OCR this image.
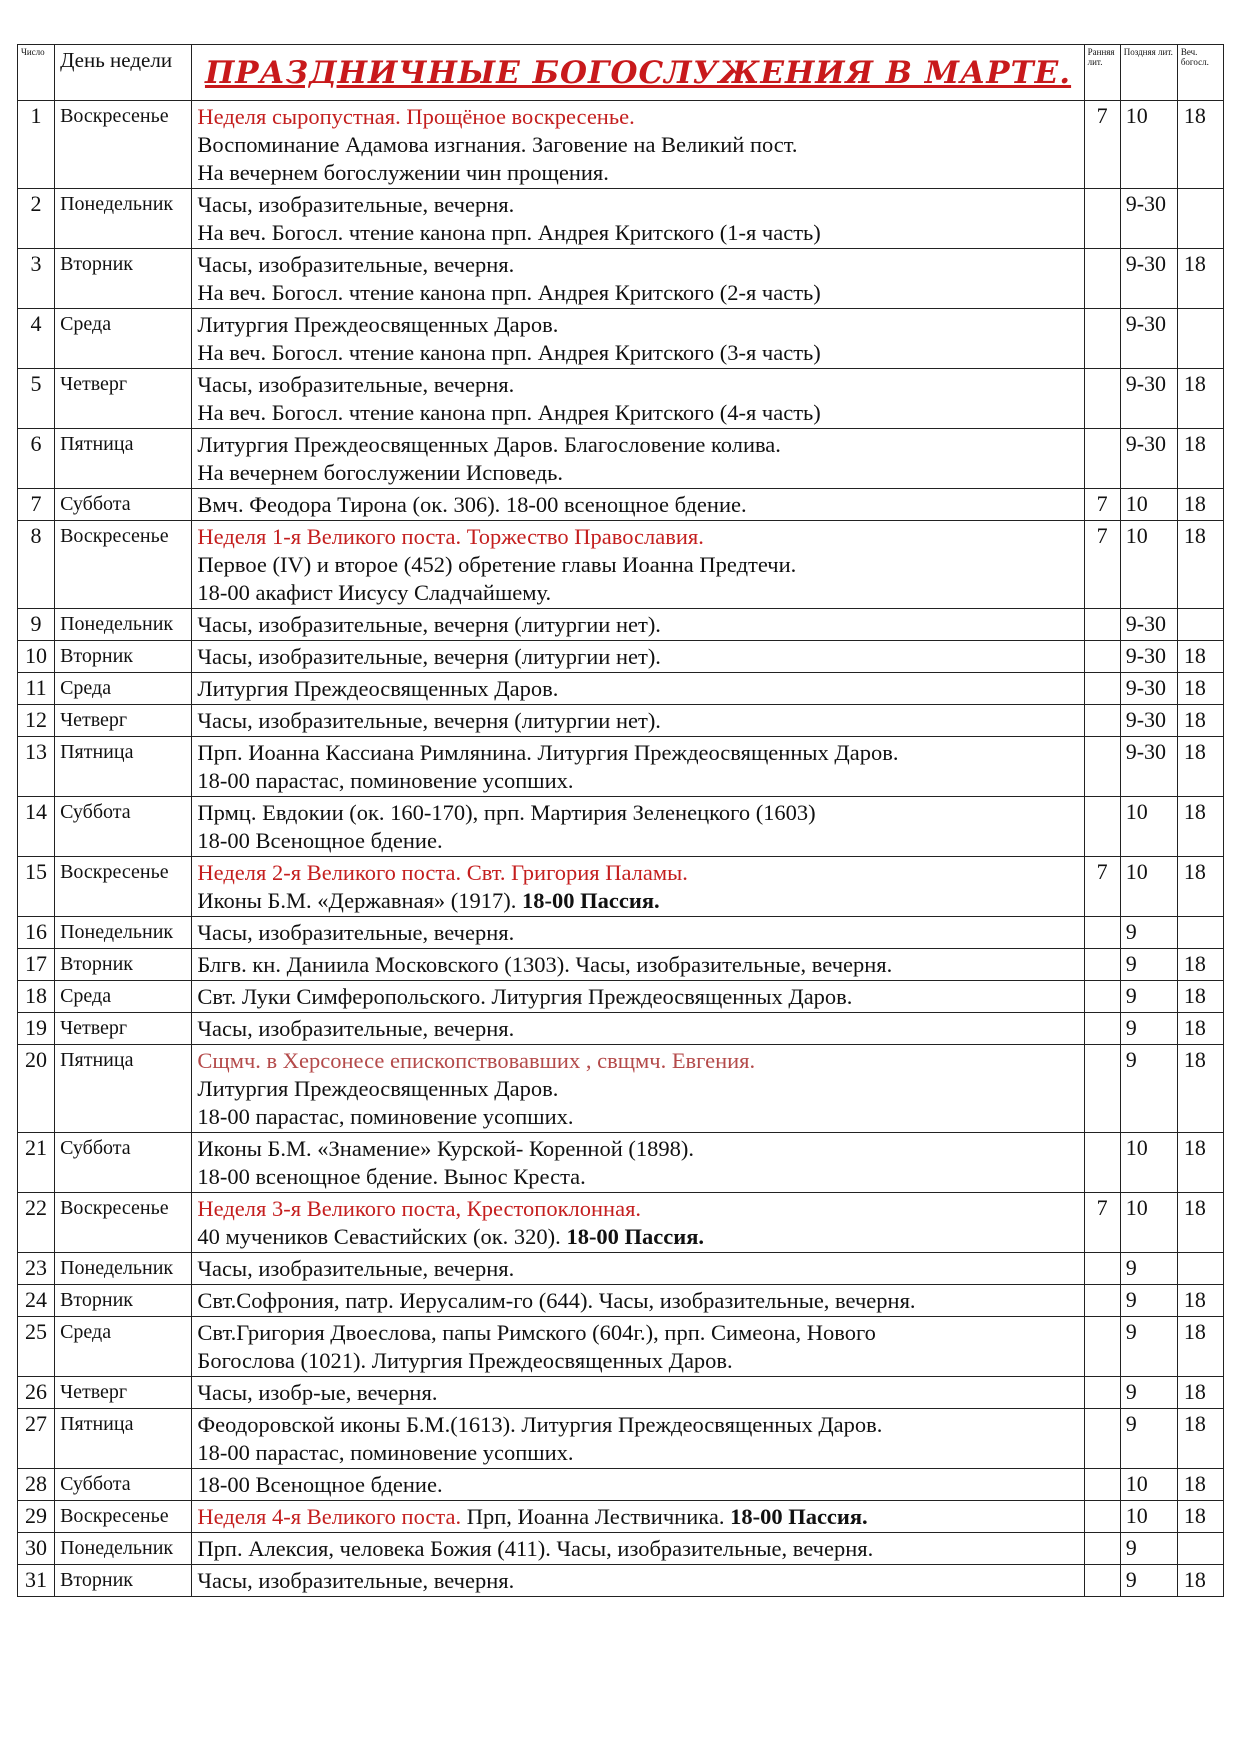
Число	День недели	ПРАЗДНИЧНЫЕ БОГОСЛУЖЕНИЯ В МАРТЕ.	Ранняя лит.	Поздняя лит.	Веч. богосл.

1	Воскресенье	Неделя сыропустная. Прощёное воскресенье.
Воспоминание Адамова изгнания. Заговение на Великий пост.
На вечернем богослужении чин прощения.	7	10	18
2	Понедельник	Часы, изобразительные, вечерня.
На веч. Богосл. чтение канона прп. Андрея Критского (1-я часть)		9-30	
3	Вторник	Часы, изобразительные, вечерня.
На веч. Богосл. чтение канона прп. Андрея Критского (2-я часть)		9-30	18
4	Среда	Литургия Преждеосвященных Даров.
На веч. Богосл. чтение канона прп. Андрея Критского (3-я часть)		9-30	
5	Четверг	Часы, изобразительные, вечерня.
На веч. Богосл. чтение канона прп. Андрея Критского (4-я часть)		9-30	18
6	Пятница	Литургия Преждеосвященных Даров. Благословение колива.
На вечернем богослужении Исповедь.		9-30	18
7	Суббота	Вмч. Феодора Тирона (ок. 306). 18-00 всенощное бдение.	7	10	18
8	Воскресенье	Неделя 1-я Великого поста. Торжество Православия.
Первое (IV) и второе (452) обретение главы Иоанна Предтечи.
18-00 акафист Иисусу Сладчайшему.	7	10	18
9	Понедельник	Часы, изобразительные, вечерня (литургии нет).		9-30	
10	Вторник	Часы, изобразительные, вечерня (литургии нет).		9-30	18
11	Среда	Литургия Преждеосвященных Даров.		9-30	18
12	Четверг	Часы, изобразительные, вечерня (литургии нет).		9-30	18
13	Пятница	Прп. Иоанна Кассиана Римлянина. Литургия Преждеосвященных Даров.
18-00 парастас, поминовение усопших.		9-30	18
14	Суббота	Прмц. Евдокии (ок. 160-170), прп. Мартирия Зеленецкого (1603)
18-00 Всенощное бдение.		10	18
15	Воскресенье	Неделя 2-я Великого поста. Свт. Григория Паламы.
Иконы Б.М. «Державная» (1917). 18-00 Пассия.	7	10	18
16	Понедельник	Часы, изобразительные, вечерня.		9	
17	Вторник	Блгв. кн. Даниила Московского (1303). Часы, изобразительные, вечерня.		9	18
18	Среда	Свт. Луки Симферопольского. Литургия Преждеосвященных Даров.		9	18
19	Четверг	Часы, изобразительные, вечерня.		9	18
20	Пятница	Сщмч. в Херсонесе епископствовавших , свщмч. Евгения.
Литургия Преждеосвященных Даров.
18-00 парастас, поминовение усопших.		9	18
21	Суббота	Иконы Б.М. «Знамение» Курской- Коренной (1898).
18-00 всенощное бдение. Вынос Креста.		10	18
22	Воскресенье	Неделя 3-я Великого поста, Крестопоклонная.
40 мучеников Севастийских (ок. 320). 18-00 Пассия.	7	10	18
23	Понедельник	Часы, изобразительные, вечерня.		9	
24	Вторник	Свт.Софрония, патр. Иерусалим-го (644). Часы, изобразительные, вечерня.		9	18
25	Среда	Свт.Григория Двоеслова, папы Римского (604г.), прп. Симеона, Нового
Богослова (1021). Литургия Преждеосвященных Даров.		9	18
26	Четверг	Часы, изобр-ые, вечерня.		9	18
27	Пятница	Феодоровской иконы Б.М.(1613). Литургия Преждеосвященных Даров.
18-00 парастас, поминовение усопших.		9	18
28	Суббота	18-00 Всенощное бдение.		10	18
29	Воскресенье	Неделя 4-я Великого поста. Прп, Иоанна Лествичника. 18-00 Пассия.		10	18
30	Понедельник	Прп. Алексия, человека Божия (411). Часы, изобразительные, вечерня.		9	
31	Вторник	Часы, изобразительные, вечерня.		9	18
